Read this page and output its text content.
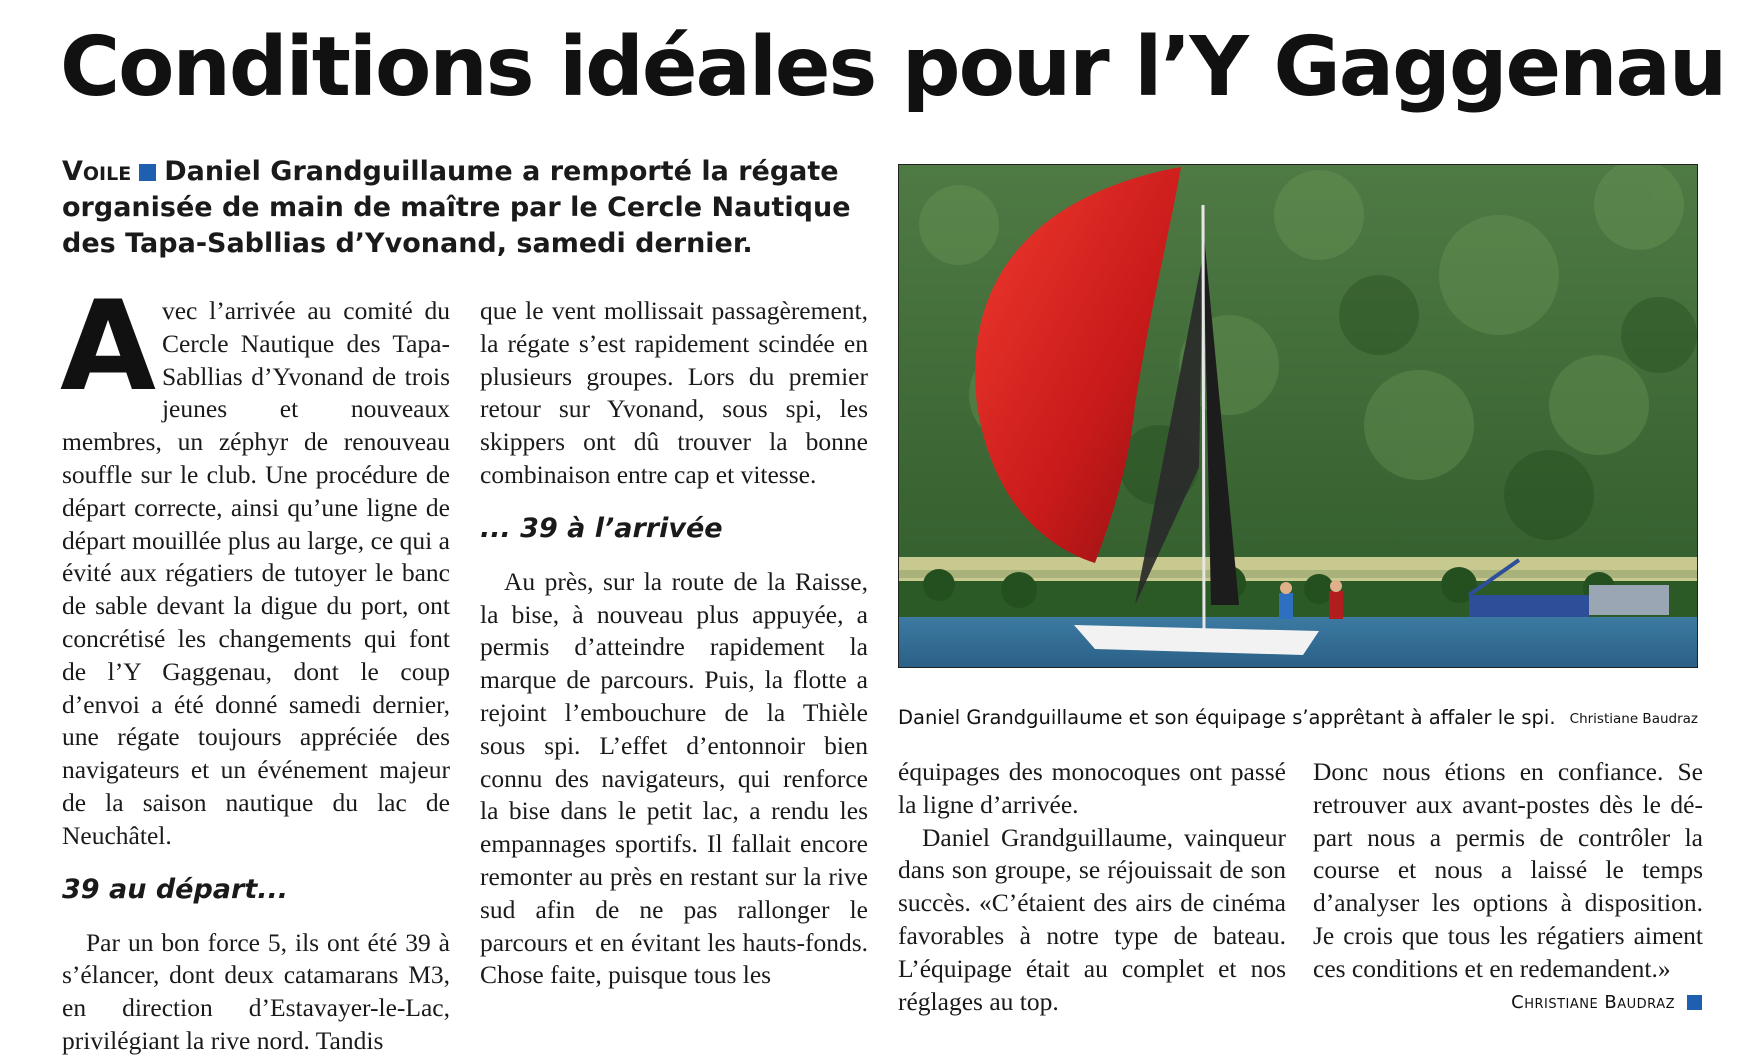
Conditions idéales pour l’Y Gaggenau

Voile Daniel Grandguillaume a remporté la régate organisée de main de maître par le Cercle Nautique des Tapa-Sabllias d’Yvonand, samedi dernier.

Avec l’arrivée au comité du Cercle Nautique des Tapa-Sabllias d’Yvonand de trois jeunes et nouveaux membres, un zéphyr de renouveau souffle sur le club. Une procédure de départ correcte, ainsi qu’une ligne de départ mouillée plus au large, ce qui a évité aux régatiers de tutoyer le banc de sable devant la digue du port, ont concrétisé les changements qui font de l’Y Gaggenau, dont le coup d’envoi a été donné samedi dernier, une régate toujours appréciée des navigateurs et un événement majeur de la saison nautique du lac de Neuchâtel.

39 au départ...

Par un bon force 5, ils ont été 39 à s’élancer, dont deux catamarans M3, en direction d’Estavayer-le-Lac, privilégiant la rive nord. Tandis

que le vent mollissait passagèrement, la régate s’est rapidement scindée en plusieurs groupes. Lors du premier retour sur Yvonand, sous spi, les skippers ont dû trouver la bonne combinaison entre cap et vitesse.

... 39 à l’arrivée

Au près, sur la route de la Raisse, la bise, à nouveau plus appuyée, a permis d’atteindre rapidement la marque de parcours. Puis, la flotte a rejoint l’embouchure de la Thièle sous spi. L’effet d’entonnoir bien connu des navigateurs, qui renforce la bise dans le petit lac, a rendu les empannages sportifs. Il fallait encore remonter au près en restant sur la rive sud afin de ne pas rallonger le parcours et en évitant les hauts-fonds. Chose faite, puisque tous les

Daniel Grandguillaume et son équipage s’apprêtant à affaler le spi. Christiane Baudraz

équipages des monocoques ont passé la ligne d’arrivée.

Daniel Grandguillaume, vainqueur dans son groupe, se réjouissait de son succès. «C’étaient des airs de cinéma favorables à notre type de bateau. L’équipage était au complet et nos réglages au top.

Donc nous étions en confiance. Se retrouver aux avant-postes dès le départ nous a permis de contrôler la course et nous a laissé le temps d’analyser les options à disposition. Je crois que tous les régatiers aiment ces conditions et en redemandent.»

Christiane Baudraz
